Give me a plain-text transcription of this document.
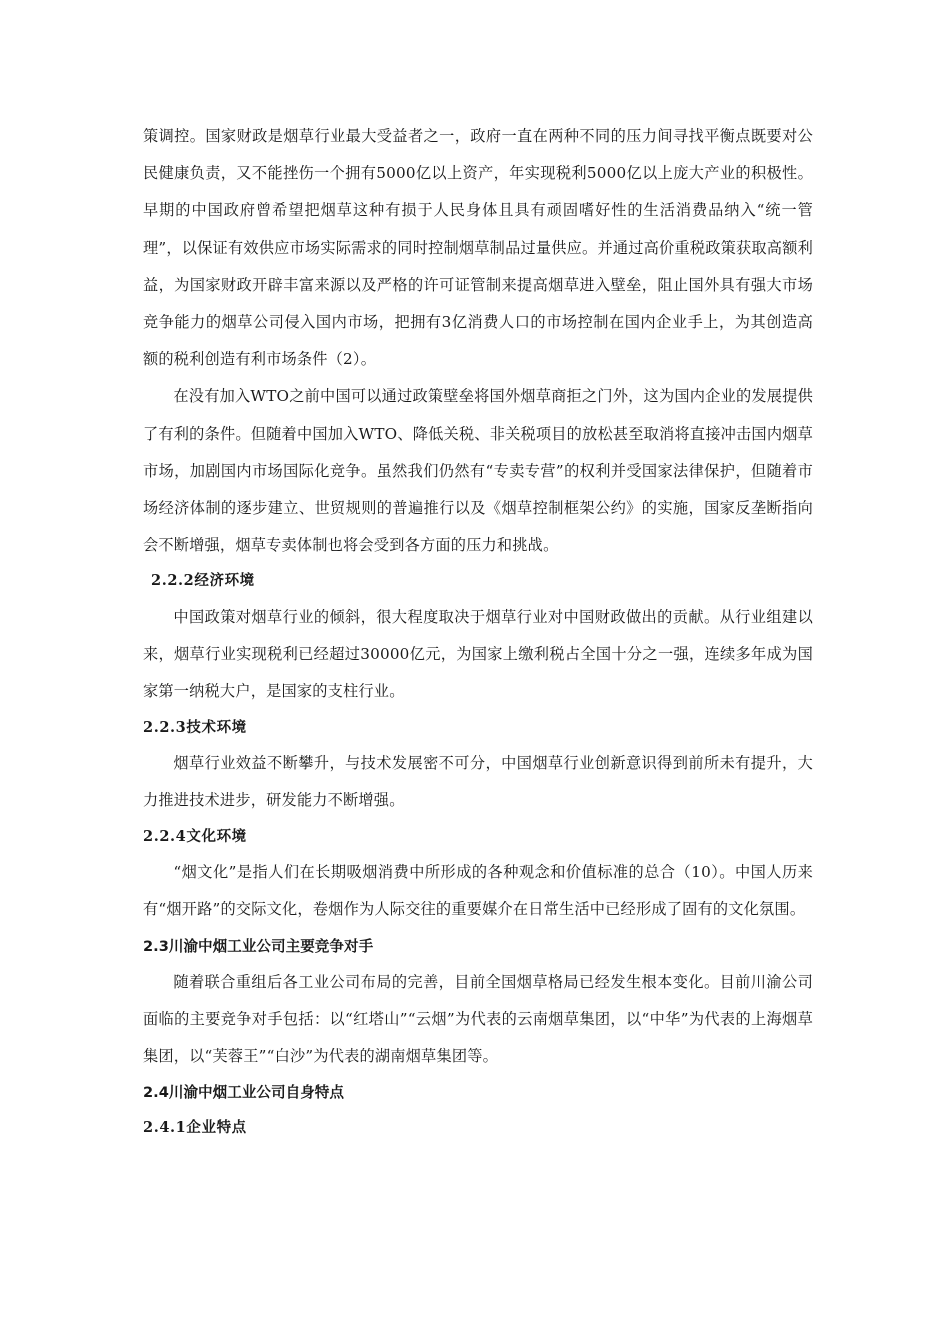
策调控。国家财政是烟草行业最大受益者之一，政府一直在两种不同的压力间寻找平衡点既要对公民健康负责，又不能挫伤一个拥有5000亿以上资产，年实现税利5000亿以上庞大产业的积极性。早期的中国政府曾希望把烟草这种有损于人民身体且具有顽固嗜好性的生活消费品纳入“统一管理”，以保证有效供应市场实际需求的同时控制烟草制品过量供应。并通过高价重税政策获取高额利益，为国家财政开辟丰富来源以及严格的许可证管制来提高烟草进入壁垒，阻止国外具有强大市场竞争能力的烟草公司侵入国内市场，把拥有3亿消费人口的市场控制在国内企业手上，为其创造高额的税利创造有利市场条件（2）。

在没有加入WTO之前中国可以通过政策壁垒将国外烟草商拒之门外，这为国内企业的发展提供了有利的条件。但随着中国加入WTO、降低关税、非关税项目的放松甚至取消将直接冲击国内烟草市场，加剧国内市场国际化竞争。虽然我们仍然有“专卖专营”的权利并受国家法律保护，但随着市场经济体制的逐步建立、世贸规则的普遍推行以及《烟草控制框架公约》的实施，国家反垄断指向会不断增强，烟草专卖体制也将会受到各方面的压力和挑战。

2.2.2经济环境

中国政策对烟草行业的倾斜，很大程度取决于烟草行业对中国财政做出的贡献。从行业组建以来，烟草行业实现税利已经超过30000亿元，为国家上缴利税占全国十分之一强，连续多年成为国家第一纳税大户，是国家的支柱行业。

2.2.3技术环境

烟草行业效益不断攀升，与技术发展密不可分，中国烟草行业创新意识得到前所未有提升，大力推进技术进步，研发能力不断增强。

2.2.4文化环境

“烟文化”是指人们在长期吸烟消费中所形成的各种观念和价值标准的总合（10）。中国人历来有“烟开路”的交际文化，卷烟作为人际交往的重要媒介在日常生活中已经形成了固有的文化氛围。

2.3川渝中烟工业公司主要竞争对手

随着联合重组后各工业公司布局的完善，目前全国烟草格局已经发生根本变化。目前川渝公司面临的主要竞争对手包括：以“红塔山”“云烟”为代表的云南烟草集团，以“中华”为代表的上海烟草集团，以“芙蓉王”“白沙”为代表的湖南烟草集团等。

2.4川渝中烟工业公司自身特点
2.4.1企业特点
